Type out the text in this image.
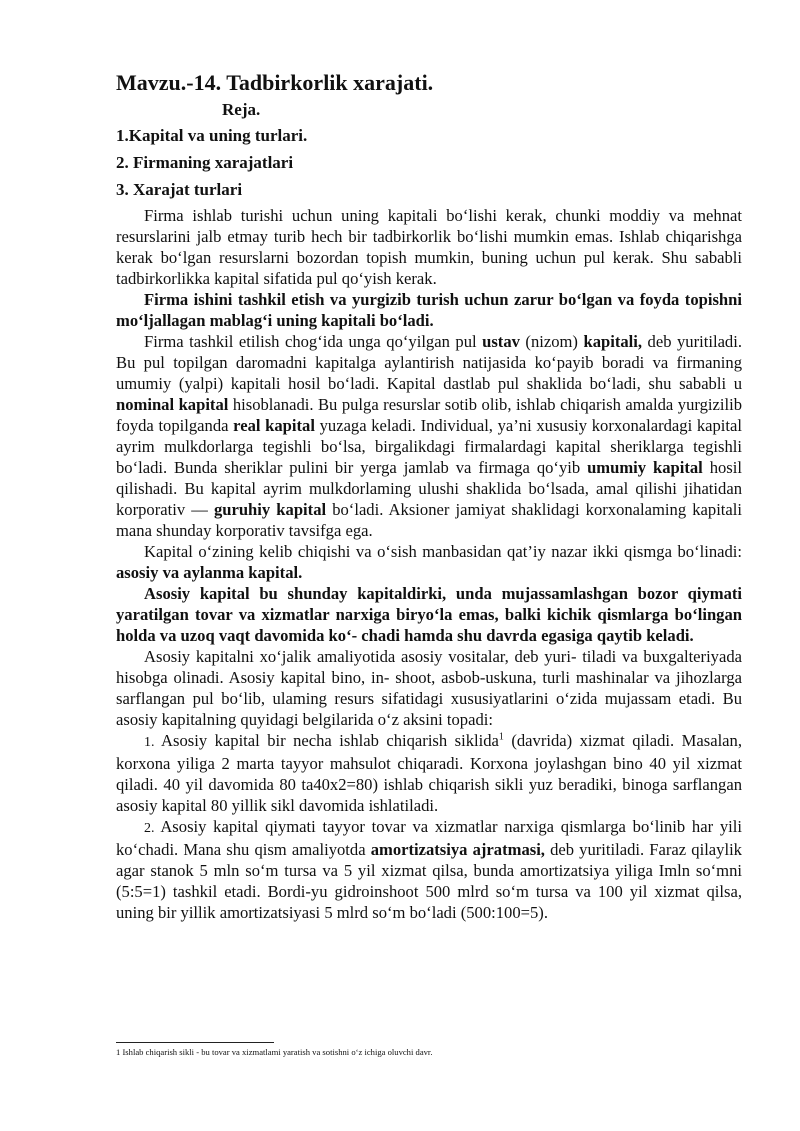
Mavzu.-14. Tadbirkorlik xarajati.
Reja.
1.Kapital va uning turlari.
2. Firmaning xarajatlari
3. Xarajat turlari

Firma ishlab turishi uchun uning kapitali bo‘lishi kerak, chunki moddiy va mehnat resurslarini jalb etmay turib hech bir tadbirkorlik bo‘lishi mumkin emas. Ishlab chiqarishga kerak bo‘lgan resurslarni bozordan topish mumkin, buning uchun pul kerak. Shu sababli tadbirkorlikka kapital sifatida pul qo‘yish kerak.

Firma ishini tashkil etish va yurgizib turish uchun zarur bo‘lgan va foyda topishni mo‘ljallagan mablag‘i uning kapitali bo‘ladi.

Firma tashkil etilish chog‘ida unga qo‘yilgan pul ustav (nizom) kapitali, deb yuritiladi. Bu pul topilgan daromadni kapitalga aylantirish natijasida ko‘payib boradi va firmaning umumiy (yalpi) kapitali hosil bo‘ladi. Kapital dastlab pul shaklida bo‘ladi, shu sababli u nominal kapital hisoblanadi. Bu pulga resurslar sotib olib, ishlab chiqarish amalda yurgizilib foyda topilganda real kapital yuzaga keladi. Individual, ya’ni xususiy korxonalardagi kapital ayrim mulkdorlarga tegishli bo‘lsa, birgalikdagi firmalardagi kapital sheriklarga tegishli bo‘ladi. Bunda sheriklar pulini bir yerga jamlab va firmaga qo‘yib umumiy kapital hosil qilishadi. Bu kapital ayrim mulkdorlaming ulushi shaklida bo‘lsada, amal qilishi jihatidan korporativ — guruhiy kapital bo‘ladi. Aksioner jamiyat shaklidagi korxonalaming kapitali mana shunday korporativ tavsifga ega.

Kapital o‘zining kelib chiqishi va o‘sish manbasidan qat’iy nazar ikki qismga bo‘linadi: asosiy va aylanma kapital.

Asosiy kapital bu shunday kapitaldirki, unda mujassamlashgan bozor qiymati yaratilgan tovar va xizmatlar narxiga biryo‘la emas, balki kichik qismlarga bo‘lingan holda va uzoq vaqt davomida ko‘- chadi hamda shu davrda egasiga qaytib keladi.

Asosiy kapitalni xo‘jalik amaliyotida asosiy vositalar, deb yuri- tiladi va buxgalteriyada hisobga olinadi. Asosiy kapital bino, in- shoot, asbob-uskuna, turli mashinalar va jihozlarga sarflangan pul bo‘lib, ulaming resurs sifatidagi xususiyatlarini o‘zida mujassam etadi. Bu asosiy kapitalning quyidagi belgilarida o‘z aksini topadi:

1. Asosiy kapital bir necha ishlab chiqarish siklida$^1$ (davrida) xizmat qiladi. Masalan, korxona yiliga 2 marta tayyor mahsulot chiqaradi. Korxona joylashgan bino 40 yil xizmat qiladi. 40 yil davomida 80 ta40x2=80) ishlab chiqarish sikli yuz beradiki, binoga sarflangan asosiy kapital 80 yillik sikl davomida ishlatiladi.

2. Asosiy kapital qiymati tayyor tovar va xizmatlar narxiga qismlarga bo‘linib har yili ko‘chadi. Mana shu qism amaliyotda amortizatsiya ajratmasi, deb yuritiladi. Faraz qilaylik agar stanok 5 mln so‘m tursa va 5 yil xizmat qilsa, bunda amortizatsiya yiliga Imln so‘mni (5:5=1) tashkil etadi. Bordi-yu gidroinshoot 500 mlrd so‘m tursa va 100 yil xizmat qilsa, uning bir yillik amortizatsiyasi 5 mlrd so‘m bo‘ladi (500:100=5).

1 Ishlab chiqarish sikli - bu tovar va xizmatlami yaratish va sotishni o‘z ichiga oluvchi davr.
